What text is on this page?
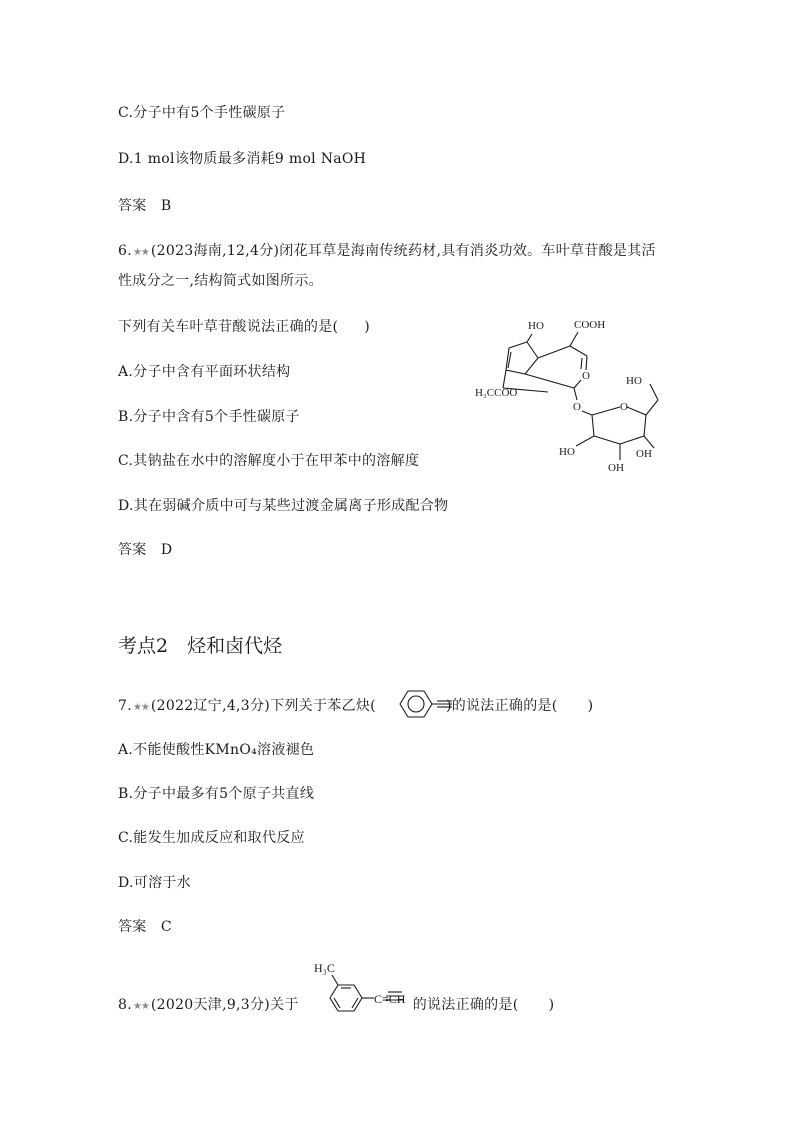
C.分子中有5个手性碳原子
D.1 mol该物质最多消耗9 mol NaOH
答案　B
6.★★ (2023海南,12,4分)闭花耳草是海南传统药材,具有消炎功效。车叶草苷酸是其活
性成分之一,结构简式如图所示。
下列有关车叶草苷酸说法正确的是( )
A.分子中含有平面环状结构
B.分子中含有5个手性碳原子
C.其钠盐在水中的溶解度小于在甲苯中的溶解度
D.其在弱碱介质中可与某些过渡金属离子形成配合物
答案　D
HO	COOH
H₃CCOO
O
O	O
HO
HO	OH
OH
考点2　烃和卤代烃
7.★★ (2022辽宁,4,3分)下列关于苯乙炔(	)的说法正确的是( )
A.不能使酸性KMnO₄溶液褪色
B.分子中最多有5个原子共直线
C.能发生加成反应和取代反应
D.可溶于水
答案　C
8.★★ (2020天津,9,3分)关于	的说法正确的是( )
H₃C
C≡CH
